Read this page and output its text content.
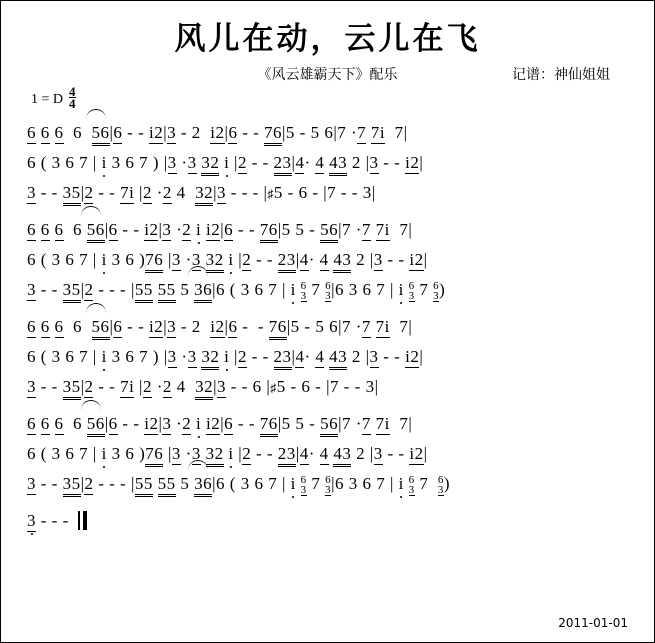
风儿在动，云儿在飞
《风云雄霸天下》配乐	记谱：神仙姐姐
1 = D $\frac{4}{4}$
6 6 6  6  56|6 - - i2|3 - 2  i2|6 - - 76|5 - 5 6|7 ·7 7i  7|
6 ( 3 6 7 | i 3 6 7 ) |3 ·3 32 i |2 - - 23|4· 4 43 2 |3 - - i2|
3 - - 35|2 - - 7i |2 ·2 4  32|3 - - - |♯5 - 6 - |7 - - 3|
6 6 6  6 56|6 - - i2|3 ·2 i i2|6 - - 76|5 5 - 56|7 ·7 7i  7|
6 ( 3 6 7 | i 3 6 )76 |3 ·3 32 i |2 - - 23|4· 4 43 2 |3 - - i2|
3 - - 35|2 - - - |55 55 5 36|6 ( 3 6 7 | i 6
3 7 6
3 |6 3 6 7 | i 6
3 7 6
3 )
6 6 6  6  56|6 - - i2|3 - 2  i2|6 -  - 76|5 - 5 6|7 ·7 7i  7|
6 ( 3 6 7 | i 3 6 7 ) |3 ·3 32 i |2 - - 23|4· 4 43 2 |3 - - i2|
3 - - 35|2 - - 7i |2 ·2 4  32|3 - - 6 |♯5 - 6 - |7 - - 3|
6 6 6  6 56|6 - - i2|3 ·2 i i2|6 - - 76|5 5 - 56|7 ·7 7i  7|
6 ( 3 6 7 | i 3 6 )76 |3 ·3 32 i |2 - - 23|4· 4 43 2 |3 - - i2|
3 - - 35|2 - - - |55 55 5 36|6 ( 3 6 7 | i 6
3 7 6
3 |6 3 6 7 | i 6
3 7 6
3 )
3 - - -
2011-01-01
